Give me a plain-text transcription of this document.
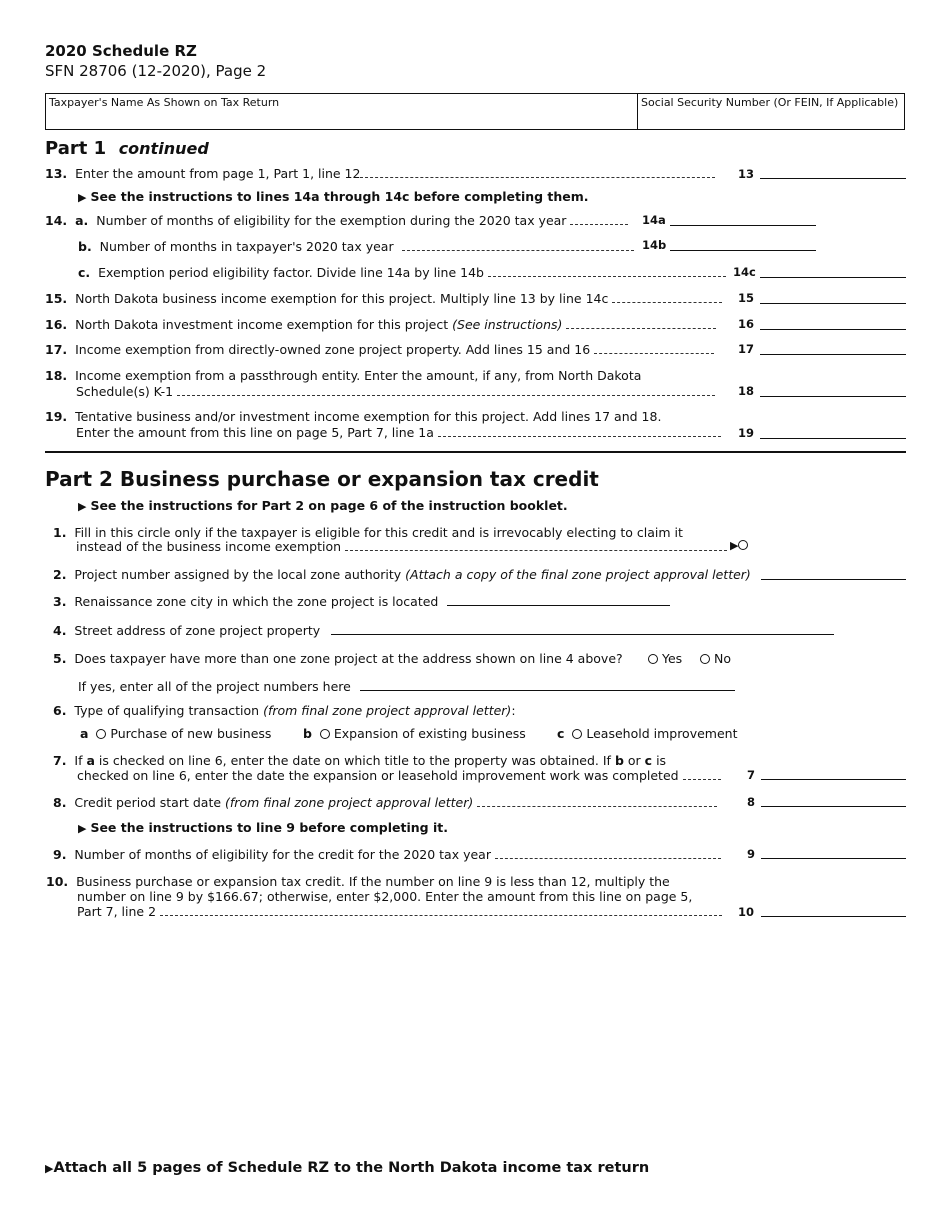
2020 Schedule RZ
SFN 28706 (12-2020), Page 2
Taxpayer's Name As Shown on Tax Return	Social Security Number (Or FEIN, If Applicable)
Part 1 continued
13. Enter the amount from page 1, Part 1, line 12	13
▶ See the instructions to lines 14a through 14c before completing them.
14. a. Number of months of eligibility for the exemption during the 2020 tax year	14a
b. Number of months in taxpayer's 2020 tax year	14b
c. Exemption period eligibility factor. Divide line 14a by line 14b	14c
15. North Dakota business income exemption for this project. Multiply line 13 by line 14c	15
16. North Dakota investment income exemption for this project (See instructions)	16
17. Income exemption from directly-owned zone project property. Add lines 15 and 16	17
18. Income exemption from a passthrough entity. Enter the amount, if any, from North Dakota
Schedule(s) K-1	18
19. Tentative business and/or investment income exemption for this project. Add lines 17 and 18.
Enter the amount from this line on page 5, Part 7, line 1a	19
Part 2 Business purchase or expansion tax credit
▶ See the instructions for Part 2 on page 6 of the instruction booklet.
1. Fill in this circle only if the taxpayer is eligible for this credit and is irrevocably electing to claim it
instead of the business income exemption	▶
2. Project number assigned by the local zone authority (Attach a copy of the final zone project approval letter)
3. Renaissance zone city in which the zone project is located
4. Street address of zone project property
5. Does taxpayer have more than one zone project at the address shown on line 4 above?	Yes	No
If yes, enter all of the project numbers here
6. Type of qualifying transaction (from final zone project approval letter):
a Purchase of new business	b Expansion of existing business c Leasehold improvement
7. If a is checked on line 6, enter the date on which title to the property was obtained. If b or c is
checked on line 6, enter the date the expansion or leasehold improvement work was completed	7
8. Credit period start date (from final zone project approval letter)	8
▶ See the instructions to line 9 before completing it.
9. Number of months of eligibility for the credit for the 2020 tax year	9
10. Business purchase or expansion tax credit. If the number on line 9 is less than 12, multiply the
number on line 9 by $166.67; otherwise, enter $2,000. Enter the amount from this line on page 5,
Part 7, line 2	10
▶Attach all 5 pages of Schedule RZ to the North Dakota income tax return
